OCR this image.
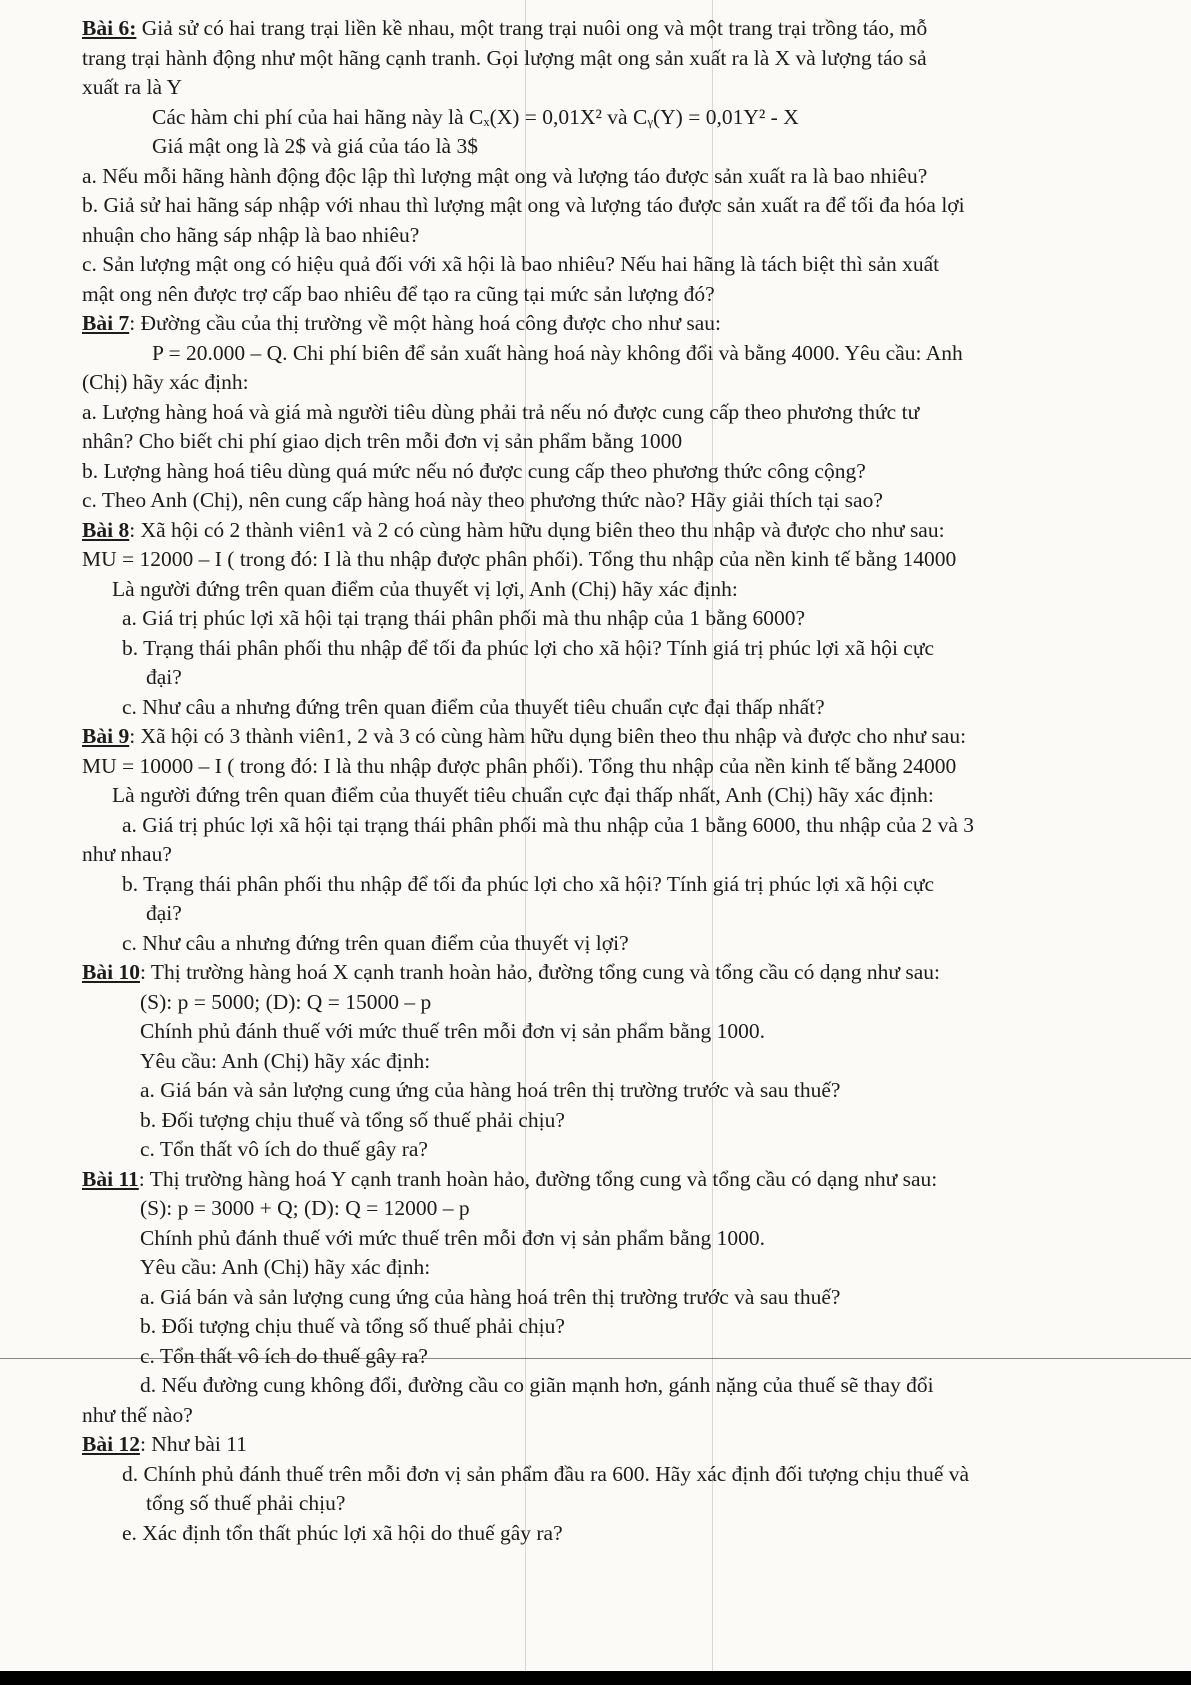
Bài 6: Giả sử có hai trang trại liền kề nhau, một trang trại nuôi ong và một trang trại trồng táo, mỗ
trang trại hành động như một hãng cạnh tranh. Gọi lượng mật ong sản xuất ra là X và lượng táo sả
xuất ra là Y
Các hàm chi phí của hai hãng này là Cₓ(X) = 0,01X² và Cᵧ(Y) = 0,01Y² - X
Giá mật ong là 2$ và giá của táo là 3$
a. Nếu mỗi hãng hành động độc lập thì lượng mật ong và lượng táo được sản xuất ra là bao nhiêu?
b. Giả sử hai hãng sáp nhập với nhau thì lượng mật ong và lượng táo được sản xuất ra để tối đa hóa lợi
nhuận cho hãng sáp nhập là bao nhiêu?
c. Sản lượng mật ong có hiệu quả đối với xã hội là bao nhiêu? Nếu hai hãng là tách biệt thì sản xuất
mật ong nên được trợ cấp bao nhiêu để tạo ra cũng tại mức sản lượng đó?
Bài 7: Đường cầu của thị trường về một hàng hoá công được cho như sau:
P = 20.000 – Q. Chi phí biên để sản xuất hàng hoá này không đổi và bằng 4000. Yêu cầu: Anh
(Chị) hãy xác định:
a. Lượng hàng hoá và giá mà người tiêu dùng phải trả nếu nó được cung cấp theo phương thức tư
nhân? Cho biết chi phí giao dịch trên mỗi đơn vị sản phẩm bằng 1000
b. Lượng hàng hoá tiêu dùng quá mức nếu nó được cung cấp theo phương thức công cộng?
c. Theo Anh (Chị), nên cung cấp hàng hoá này theo phương thức nào? Hãy giải thích tại sao?
Bài 8: Xã hội có 2 thành viên1 và 2 có cùng hàm hữu dụng biên theo thu nhập và được cho như sau:
MU = 12000 – I ( trong đó: I là thu nhập được phân phối). Tổng thu nhập của nền kinh tế bằng 14000
Là người đứng trên quan điểm của thuyết vị lợi, Anh (Chị) hãy xác định:
a. Giá trị phúc lợi xã hội tại trạng thái phân phối mà thu nhập của 1 bằng 6000?
b. Trạng thái phân phối thu nhập để tối đa phúc lợi cho xã hội? Tính giá trị phúc lợi xã hội cực
đại?
c. Như câu a nhưng đứng trên quan điểm của thuyết tiêu chuẩn cực đại thấp nhất?
Bài 9: Xã hội có 3 thành viên1, 2 và 3 có cùng hàm hữu dụng biên theo thu nhập và được cho như sau:
MU = 10000 – I ( trong đó: I là thu nhập được phân phối). Tổng thu nhập của nền kinh tế bằng 24000
Là người đứng trên quan điểm của thuyết tiêu chuẩn cực đại thấp nhất, Anh (Chị) hãy xác định:
a. Giá trị phúc lợi xã hội tại trạng thái phân phối mà thu nhập của 1 bằng 6000, thu nhập của 2 và 3
như nhau?
b. Trạng thái phân phối thu nhập để tối đa phúc lợi cho xã hội? Tính giá trị phúc lợi xã hội cực
đại?
c. Như câu a nhưng đứng trên quan điểm của thuyết vị lợi?
Bài 10: Thị trường hàng hoá X cạnh tranh hoàn hảo, đường tổng cung và tổng cầu có dạng như sau:
(S): p = 5000; (D): Q = 15000 – p
Chính phủ đánh thuế với mức thuế trên mỗi đơn vị sản phẩm bằng 1000.
Yêu cầu: Anh (Chị) hãy xác định:
a. Giá bán và sản lượng cung ứng của hàng hoá trên thị trường trước và sau thuế?
b. Đối tượng chịu thuế và tổng số thuế phải chịu?
c. Tổn thất vô ích do thuế gây ra?
Bài 11: Thị trường hàng hoá Y cạnh tranh hoàn hảo, đường tổng cung và tổng cầu có dạng như sau:
(S): p = 3000 + Q; (D): Q = 12000 – p
Chính phủ đánh thuế với mức thuế trên mỗi đơn vị sản phẩm bằng 1000.
Yêu cầu: Anh (Chị) hãy xác định:
a. Giá bán và sản lượng cung ứng của hàng hoá trên thị trường trước và sau thuế?
b. Đối tượng chịu thuế và tổng số thuế phải chịu?
c. Tổn thất vô ích do thuế gây ra?
d. Nếu đường cung không đổi, đường cầu co giãn mạnh hơn, gánh nặng của thuế sẽ thay đổi
như thế nào?
Bài 12: Như bài 11
d. Chính phủ đánh thuế trên mỗi đơn vị sản phẩm đầu ra 600. Hãy xác định đối tượng chịu thuế và
tổng số thuế phải chịu?
e. Xác định tổn thất phúc lợi xã hội do thuế gây ra?
